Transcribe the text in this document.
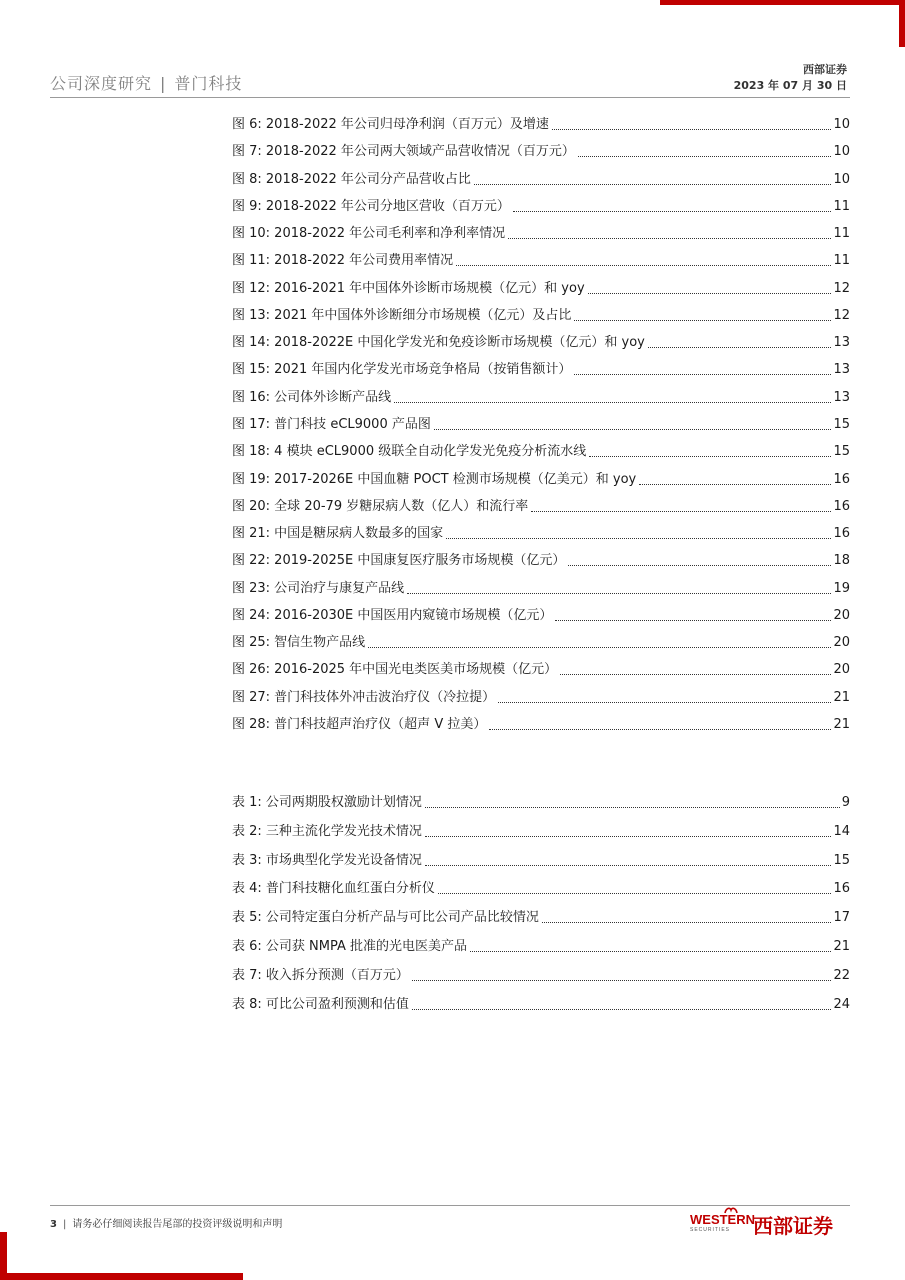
公司深度研究 | 普门科技
西部证券
2023 年 07 月 30 日
图 6: 2018-2022 年公司归母净利润（百万元）及增速	10
图 7: 2018-2022 年公司两大领域产品营收情况（百万元）	10
图 8: 2018-2022 年公司分产品营收占比	10
图 9: 2018-2022 年公司分地区营收（百万元）	11
图 10: 2018-2022 年公司毛利率和净利率情况	11
图 11: 2018-2022 年公司费用率情况	11
图 12: 2016-2021 年中国体外诊断市场规模（亿元）和 yoy	12
图 13: 2021 年中国体外诊断细分市场规模（亿元）及占比	12
图 14: 2018-2022E 中国化学发光和免疫诊断市场规模（亿元）和 yoy	13
图 15: 2021 年国内化学发光市场竞争格局（按销售额计）	13
图 16: 公司体外诊断产品线	13
图 17: 普门科技 eCL9000 产品图	15
图 18: 4 模块 eCL9000 级联全自动化学发光免疫分析流水线	15
图 19: 2017-2026E 中国血糖 POCT 检测市场规模（亿美元）和 yoy	16
图 20: 全球 20-79 岁糖尿病人数（亿人）和流行率	16
图 21: 中国是糖尿病人数最多的国家	16
图 22: 2019-2025E 中国康复医疗服务市场规模（亿元）	18
图 23: 公司治疗与康复产品线	19
图 24: 2016-2030E 中国医用内窥镜市场规模（亿元）	20
图 25: 智信生物产品线	20
图 26: 2016-2025 年中国光电类医美市场规模（亿元）	20
图 27: 普门科技体外冲击波治疗仪（冷拉提）	21
图 28: 普门科技超声治疗仪（超声 V 拉美）	21
表 1: 公司两期股权激励计划情况	9
表 2: 三种主流化学发光技术情况	14
表 3: 市场典型化学发光设备情况	15
表 4: 普门科技糖化血红蛋白分析仪	16
表 5: 公司特定蛋白分析产品与可比公司产品比较情况	17
表 6: 公司获 NMPA 批准的光电医美产品	21
表 7: 收入拆分预测（百万元）	22
表 8: 可比公司盈利预测和估值	24
3 | 请务必仔细阅读报告尾部的投资评级说明和声明	WESTERN
SECURITIES 西部证券
